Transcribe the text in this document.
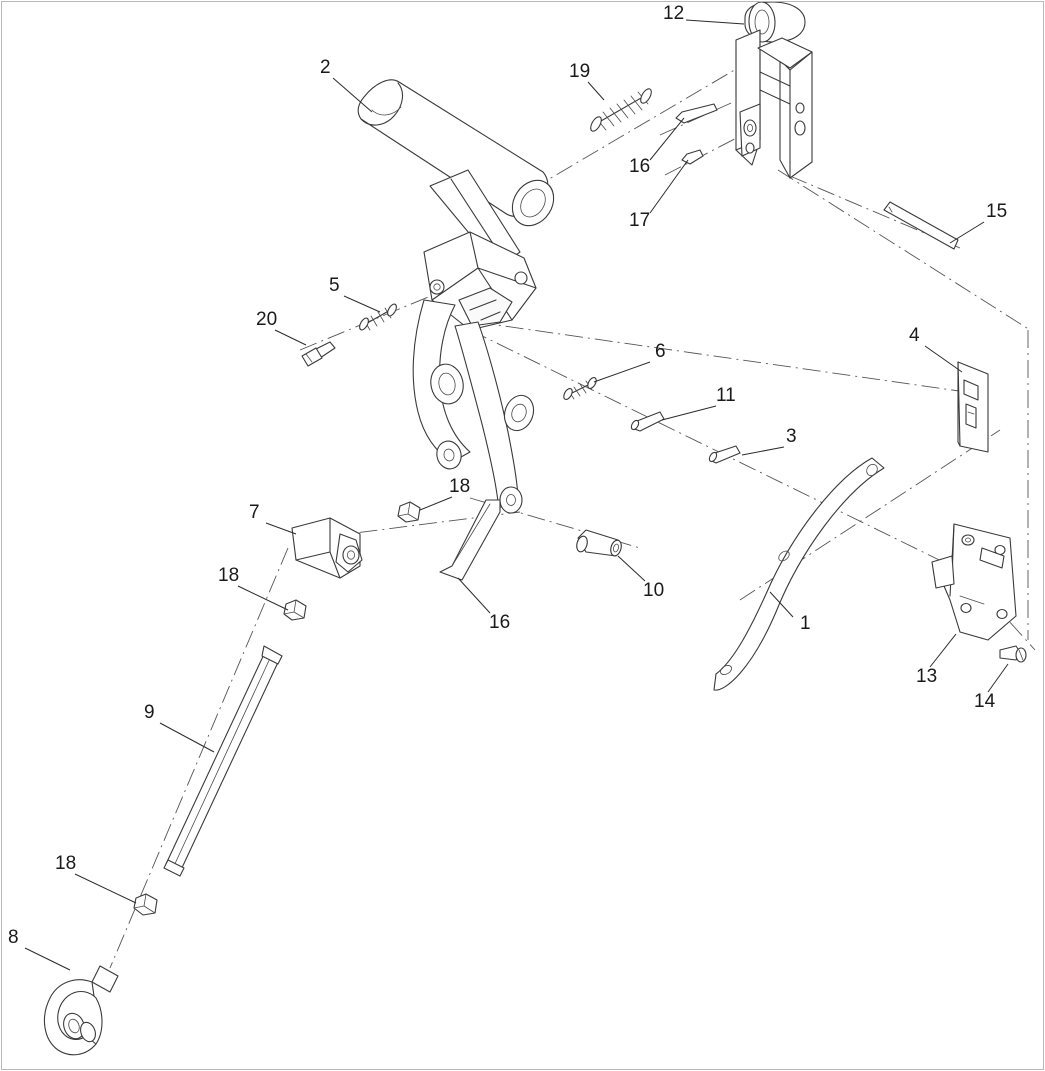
1
2
3
4
5
6
7
8
9
10
11
12
13
14
15
16
16
17
18
18
18
19
20
